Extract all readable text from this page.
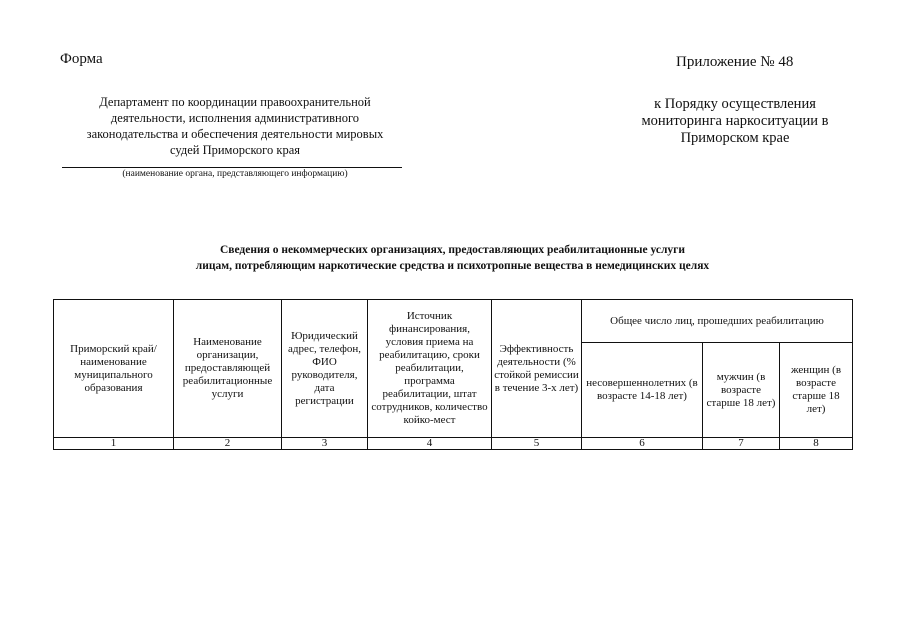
Форма	Приложение № 48
Департамент по координации правоохранительной
деятельности, исполнения административного
законодательства и обеспечения деятельности мировых
судей Приморского края
(наименование органа, представляющего информацию)
к Порядку осуществления
мониторинга наркоситуации в
Приморском крае
Сведения о некоммерческих организациях, предоставляющих реабилитационные услуги
лицам, потребляющим наркотические средства и психотропные вещества в немедицинских целях
Приморский край/ наименование муниципального образования	Наименование организации, предоставляющей реабилитационные услуги	Юридический адрес, телефон, ФИО руководителя, дата регистрации	Источник финансирования, условия приема на реабилитацию, сроки реабилитации, программа реабилитации, штат сотрудников, количество койко-мест	Эффективность деятельности (% стойкой ремиссии в течение 3-х лет)	Общее число лиц, прошедших реабилитацию		
					несовершеннолетних (в возрасте 14-18 лет)	мужчин (в возрасте старше 18 лет)	женщин (в возрасте старше 18 лет)
1	2	3	4	5	6	7	8
